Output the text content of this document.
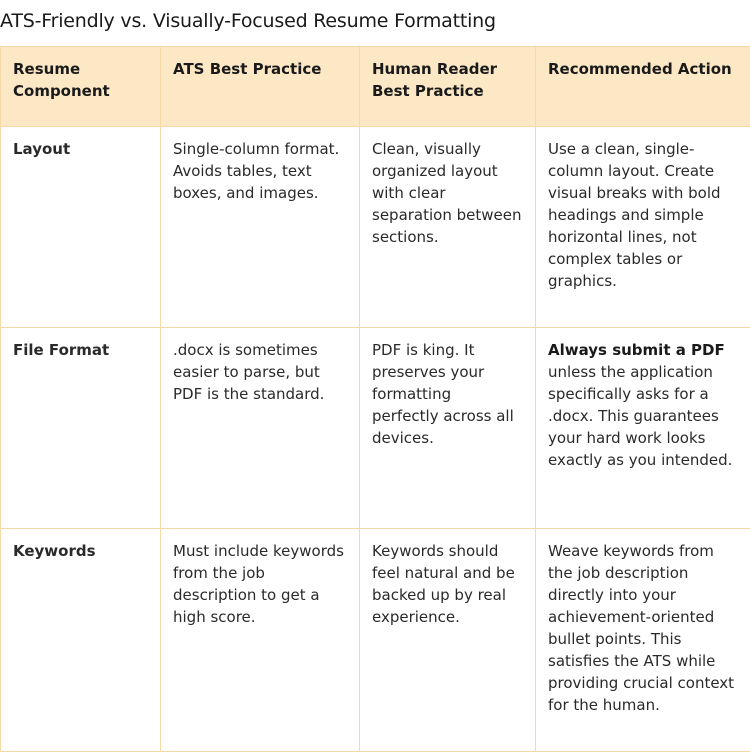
ATS-Friendly vs. Visually-Focused Resume Formatting
Resume Component	ATS Best Practice	Human Reader Best Practice	Recommended Action
Layout	Single-column format. Avoids tables, text boxes, and images.	Clean, visually organized layout with clear separation between sections.	Use a clean, single-column layout. Create visual breaks with bold headings and simple horizontal lines, not complex tables or graphics.
File Format	.docx is sometimes easier to parse, but PDF is the standard.	PDF is king. It preserves your formatting perfectly across all devices.	Always submit a PDF unless the application specifically asks for a .docx. This guarantees your hard work looks exactly as you intended.
Keywords	Must include keywords from the job description to get a high score.	Keywords should feel natural and be backed up by real experience.	Weave keywords from the job description directly into your achievement-oriented bullet points. This satisfies the ATS while providing crucial context for the human.
